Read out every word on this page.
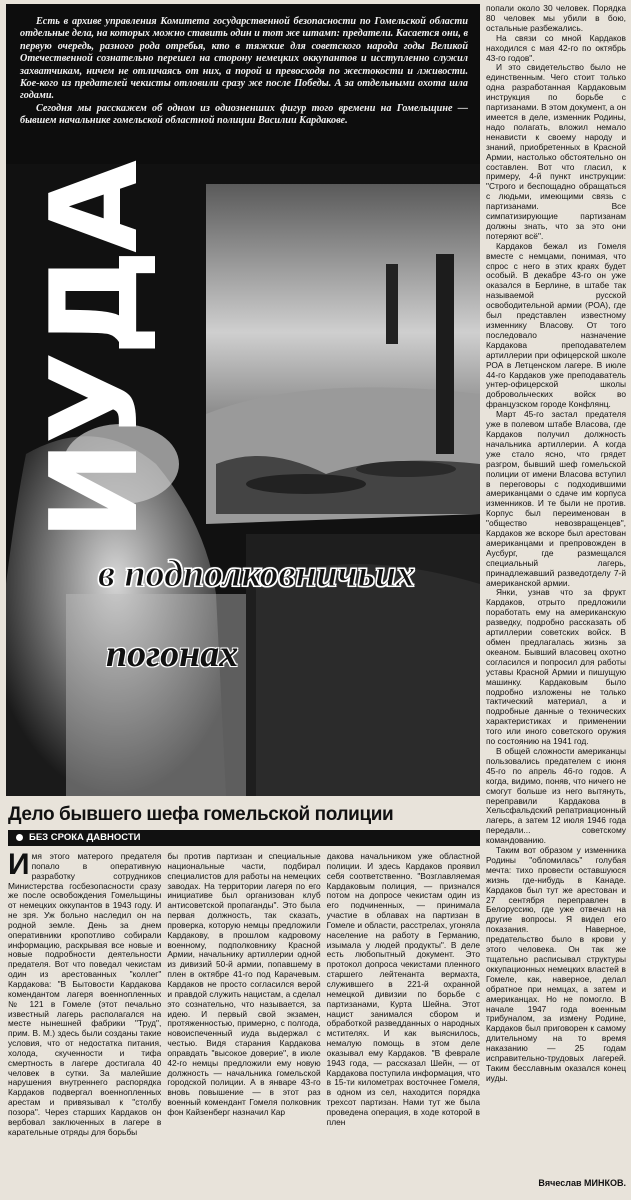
Есть в архиве управления Комитета государственной безопасности по Гомельской области отдельные дела, на которых можно ставить один и тот же штамп: предатели. Касается они, в первую очередь, разного рода отребья, кто в тяжкие для советского народа годы Великой Отечественной сознательно перешел на сторону немецких оккупантов и исступленно служил захватчикам, ничем не отличаясь от них, а порой и превосходя по жестокости и лживости. Кое-кого из предателей чекисты отловили сразу же после Победы. А за отдельными охота шла годами.

Сегодня мы расскажем об одном из одиозненших фигур того времени на Гомельщине — бывшем начальнике гомельской областной полиции Василии Кардакове.

ИУДА
в подполковничьих
погонах

попали около 30 человек. Порядка 80 человек мы убили в бою, остальные разбежались.

На связи со мной Кардаков находился с мая 42-го по октябрь 43-го годов".

И это свидетельство было не единственным. Чего стоит только одна разработанная Кардаковым инструкция по борьбе с партизанами. В этом документ, а он имеется в деле, изменник Родины, надо полагать, вложил немало ненависти к своему народу и знаний, приобретенных в Красной Армии, настолько обстоятельно он составлен. Вот что гласил, к примеру, 4-й пункт инструкции: "Строго и беспощадно обращаться с людьми, имеющими связь с партизанами. Все симпатизирующие партизанам должны знать, что за это они потеряют всё".

Кардаков бежал из Гомеля вместе с немцами, понимая, что спрос с него в этих краях будет особый. В декабре 43-го он уже оказался в Берлине, в штабе так называемой русской освободительной армии (РОА), где был представлен известному изменнику Власову. От того последовало назначение Кардакова преподавателем артиллерии при офицерской школе РОА в Летценском лагере. В июле 44-го Кардаков уже преподаватель унтер-офицерской школы добровольческих войск во французском городе Конфлянц.

Март 45-го застал предателя уже в полевом штабе Власова, где Кардаков получил должность начальника артиллерии. А когда уже стало ясно, что грядет разгром, бывший шеф гомельской полиции от имени Власова вступил в переговоры с подходившими американцами о сдаче им корпуса изменников. И те были не против. Корпус был переименован в "общество невозвращенцев", Кардаков же вскоре был арестован американцами и препровожден в Аусбург, где размещался специальный лагерь, принадлежавший разведотделу 7-й американской армии.

Янки, узнав что за фрукт Кардаков, отрыто предложили поработать ему на американскую разведку, подробно рассказать об артиллерии советских войск. В обмен предлагалась жизнь за океаном. Бывший власовец охотно согласился и попросил для работы уставы Красной Армии и пишущую машинку. Кардаковым было подробно изложены не только тактический материал, а и подробные данные о технических характеристиках и применении того или иного советского оружия по состоянию на 1941 год.

В общей сложности американцы пользовались предателем с июня 45-го по апрель 46-го годов. А когда, видимо, поняв, что ничего не смогут больше из него вытянуть, переправили Кардакова в Хельсфальдский репатриационный лагерь, а затем 12 июля 1946 года передали... советскому командованию.

Таким вот образом у изменника Родины "обломилась" голубая мечта: тихо провести оставшуюся жизнь где-нибудь в Канаде. Кардаков был тут же арестован и 27 сентября переправлен в Белоруссию, где уже отвечал на другие вопросы. Я видел его показания. Наверное, предательство было в крови у этого человека. Он так же тщательно расписывал структуры оккупационных немецких властей в Гомеле, как, наверное, делал обратное при немцах, а затем и американцах. Но не помогло. В начале 1947 года военным трибуналом, за измену Родине, Кардаков был приговорен к самому длительному на то время наказанию — 25 годам исправительно-трудовых лагерей. Таким бесславным оказался конец иуды.

Дело бывшего шефа гомельской полиции
БЕЗ СРОКА ДАВНОСТИ

Имя этого матерого предателя попало в оперативную разработку сотрудников Министерства госбезопасности сразу же после освобождения Гомельщины от немецких оккупантов в 1943 году. И не зря. Уж больно наследил он на родной земле. День за днем оперативники кропотливо собирали информацию, раскрывая все новые и новые подробности деятельности предателя. Вот что поведал чекистам один из арестованных "коллег" Кардакова: "В Бытовости Кардакова комендантом лагеря военнопленных № 121 в Гомеле (этот печально известный лагерь располагался на месте нынешней фабрики "Труд", прим. В. М.) здесь были созданы такие условия, что от недостатка питания, холода, скученности и тифа смертность в лагере достигала 40 человек в сутки. За малейшие нарушения внутреннего распорядка Кардаков подвергал военнопленных арестам и привязывал к "столбу позора". Через старших Кардаков он вербовал заключенных в лагере в карательные отряды для борьбы

бы против партизан и специальные национальные части, подбирал специалистов для работы на немецких заводах. На территории лагеря по его инициативе был организован клуб антисоветской пропаганды". Это была первая должность, так сказать, проверка, которую немцы предложили Кардакову, в прошлом кадровому военному, подполковнику Красной Армии, начальнику артиллерии одной из дивизий 50-й армии, попавшему в плен в октябре 41-го под Карачевым. Кардаков не просто согласился верой и правдой служить нацистам, а сделал это сознательно, что называется, за идею. И первый свой экзамен, протяженностью, примерно, с полгода, новоиспеченный иуда выдержал с честью. Видя старания Кардакова оправдать "высокое доверие", в июле 42-го немцы предложили ему новую должность — начальника гомельской городской полиции. А в январе 43-го вновь повышение — в этот раз военный комендант Гомеля полковник фон Кайзенберг назначил Кар

дакова начальником уже областной полиции. И здесь Кардаков проявил себя соответственно. "Возглавляемая Кардаковым полиция, — признался потом на допросе чекистам один из его подчиненных, — принимала участие в облавах на партизан в Гомеле и области, расстрелах, угоняла население на работу в Германию, изымала у людей продукты". В деле есть любопытный документ. Это протокол допроса чекистами пленного старшего лейтенанта вермахта, служившего в 221-й охранной немецкой дивизии по борьбе с партизанами, Курта Шейна. Этот нацист занимался сбором и обработкой разведданных о народных мстителях. И как выяснилось, немалую помощь в этом деле оказывал ему Кардаков. "В феврале 1943 года, — рассказал Шейн, — от Кардакова поступила информация, что в 15-ти километрах восточнее Гомеля, в одном из сел, находится порядка трехсот партизан. Нами тут же была проведена операция, в ходе которой в плен

Вячеслав МИНКОВ.
